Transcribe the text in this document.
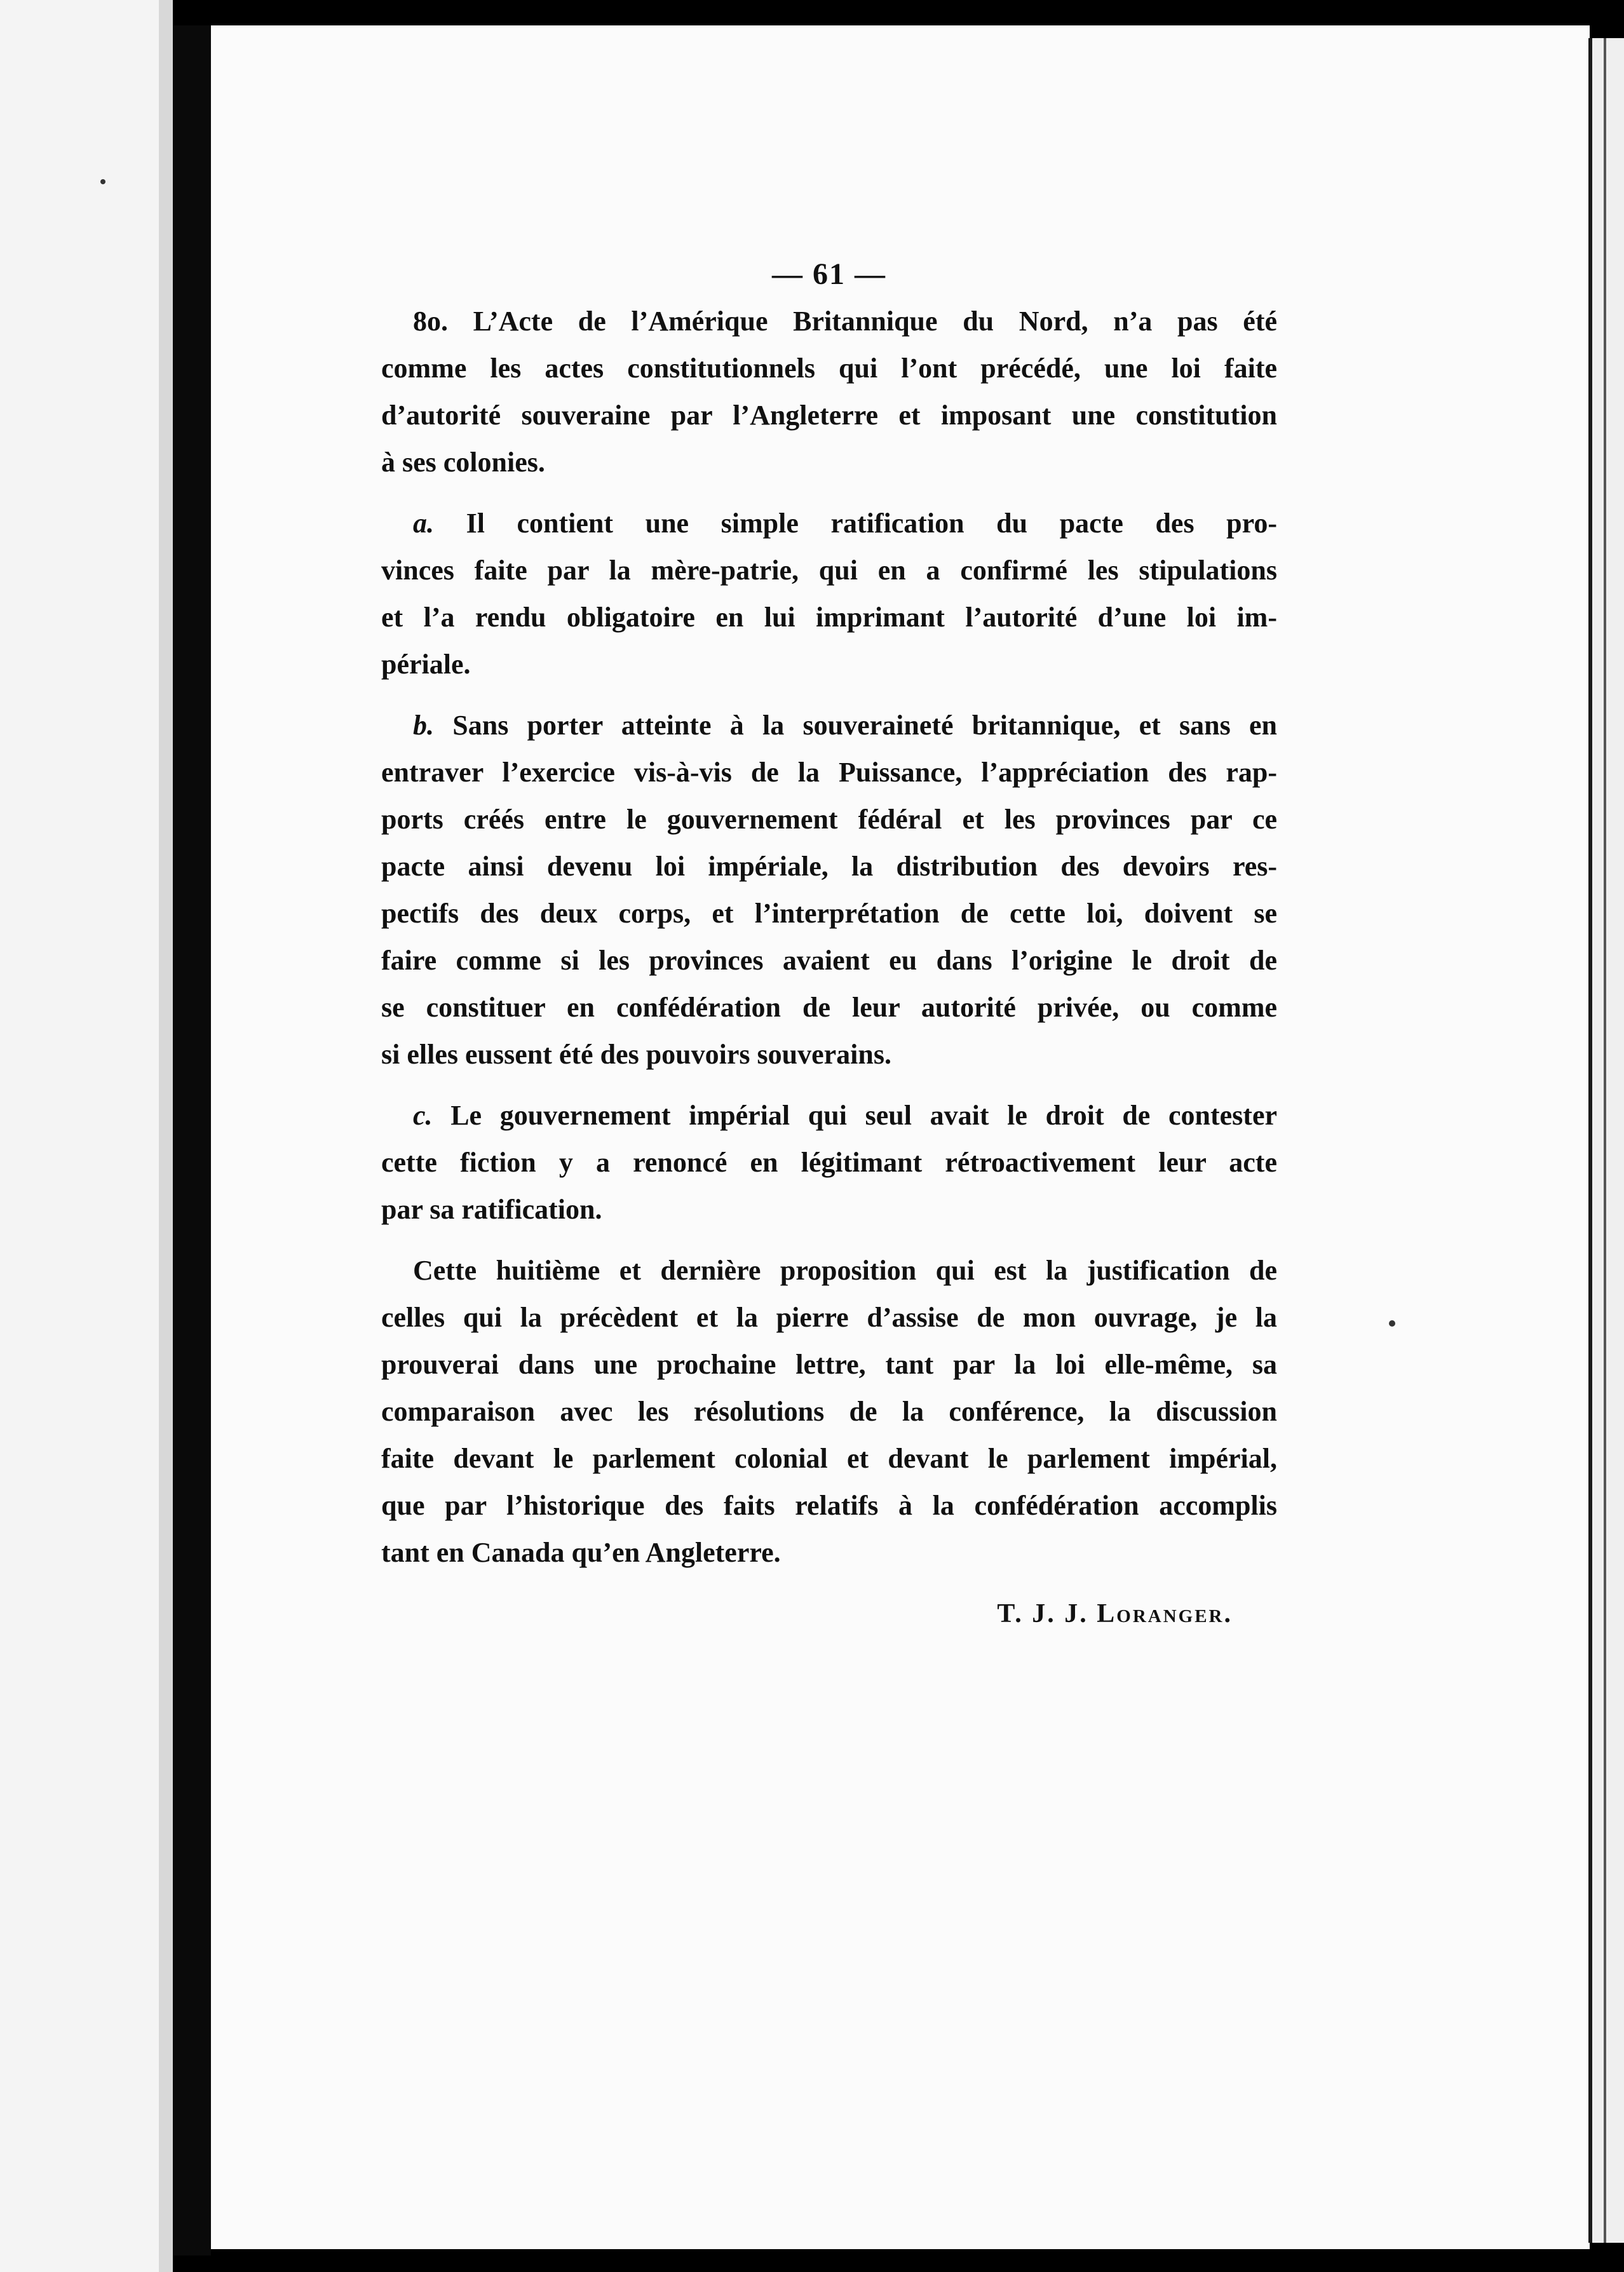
— 61 —
8o. L’Acte de l’Amérique Britannique du Nord, n’a pas été
comme les actes constitutionnels qui l’ont précédé, une loi faite
d’autorité souveraine par l’Angleterre et imposant une constitution
à ses colonies.
a. Il contient une simple ratification du pacte des pro-
vinces faite par la mère-patrie, qui en a confirmé les stipulations
et l’a rendu obligatoire en lui imprimant l’autorité d’une loi im-
périale.
b. Sans porter atteinte à la souveraineté britannique, et sans en
entraver l’exercice vis-à-vis de la Puissance, l’appréciation des rap-
ports créés entre le gouvernement fédéral et les provinces par ce
pacte ainsi devenu loi impériale, la distribution des devoirs res-
pectifs des deux corps, et l’interprétation de cette loi, doivent se
faire comme si les provinces avaient eu dans l’origine le droit de
se constituer en confédération de leur autorité privée, ou comme
si elles eussent été des pouvoirs souverains.
c. Le gouvernement impérial qui seul avait le droit de contester
cette fiction y a renoncé en légitimant rétroactivement leur acte
par sa ratification.
Cette huitième et dernière proposition qui est la justification de
celles qui la précèdent et la pierre d’assise de mon ouvrage, je la
prouverai dans une prochaine lettre, tant par la loi elle-même, sa
comparaison avec les résolutions de la conférence, la discussion
faite devant le parlement colonial et devant le parlement impérial,
que par l’historique des faits relatifs à la confédération accomplis
tant en Canada qu’en Angleterre.
T. J. J. Loranger.
